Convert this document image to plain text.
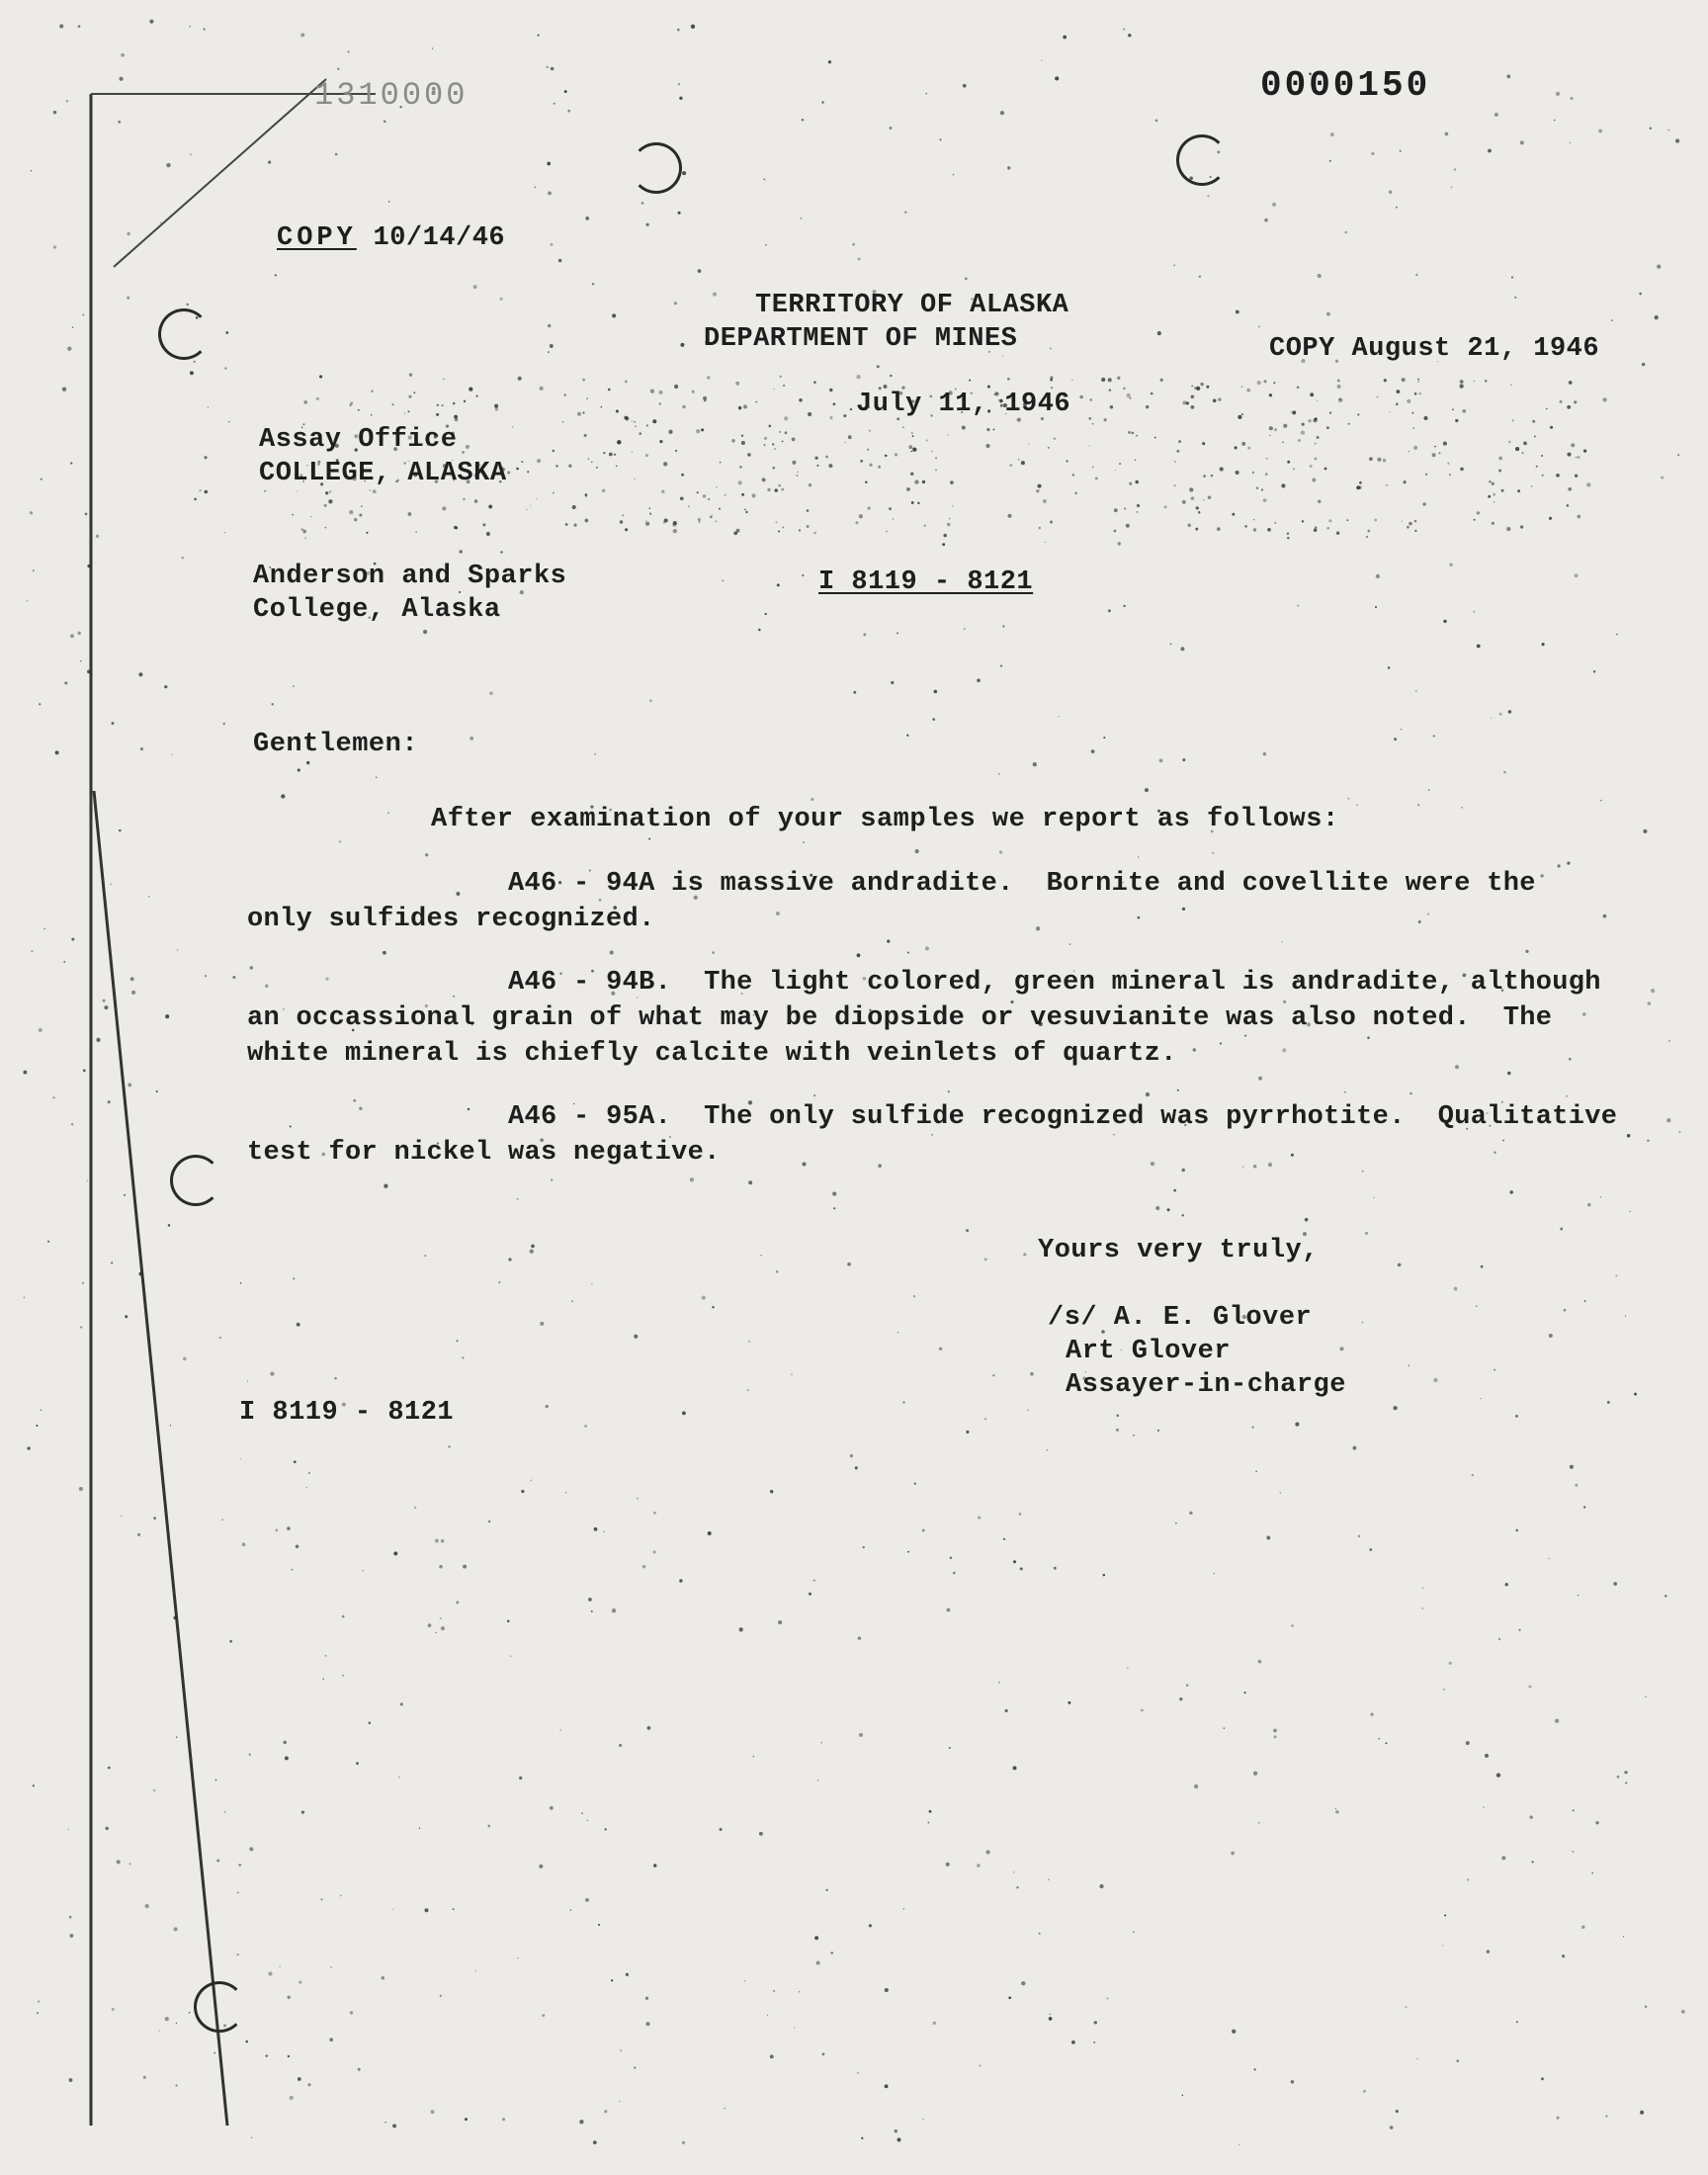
0000150
1310000
COPY 10/14/46
TERRITORY OF ALASKA
DEPARTMENT OF MINES	COPY August 21, 1946
July 11, 1946
Assay Office
COLLEGE, ALASKA
Anderson and Sparks
College, Alaska
I 8119 - 8121
Gentlemen:
After examination of your samples we report as follows:
A46 - 94A is massive andradite.  Bornite and covellite were the
only sulfides recognized.
A46 - 94B.  The light colored, green mineral is andradite, although
an occassional grain of what may be diopside or vesuvianite was also noted.  The
white mineral is chiefly calcite with veinlets of quartz.
A46 - 95A.  The only sulfide recognized was pyrrhotite.  Qualitative
test for nickel was negative.
Yours very truly,
/s/ A. E. Glover
Art Glover
Assayer-in-charge
I 8119 - 8121
